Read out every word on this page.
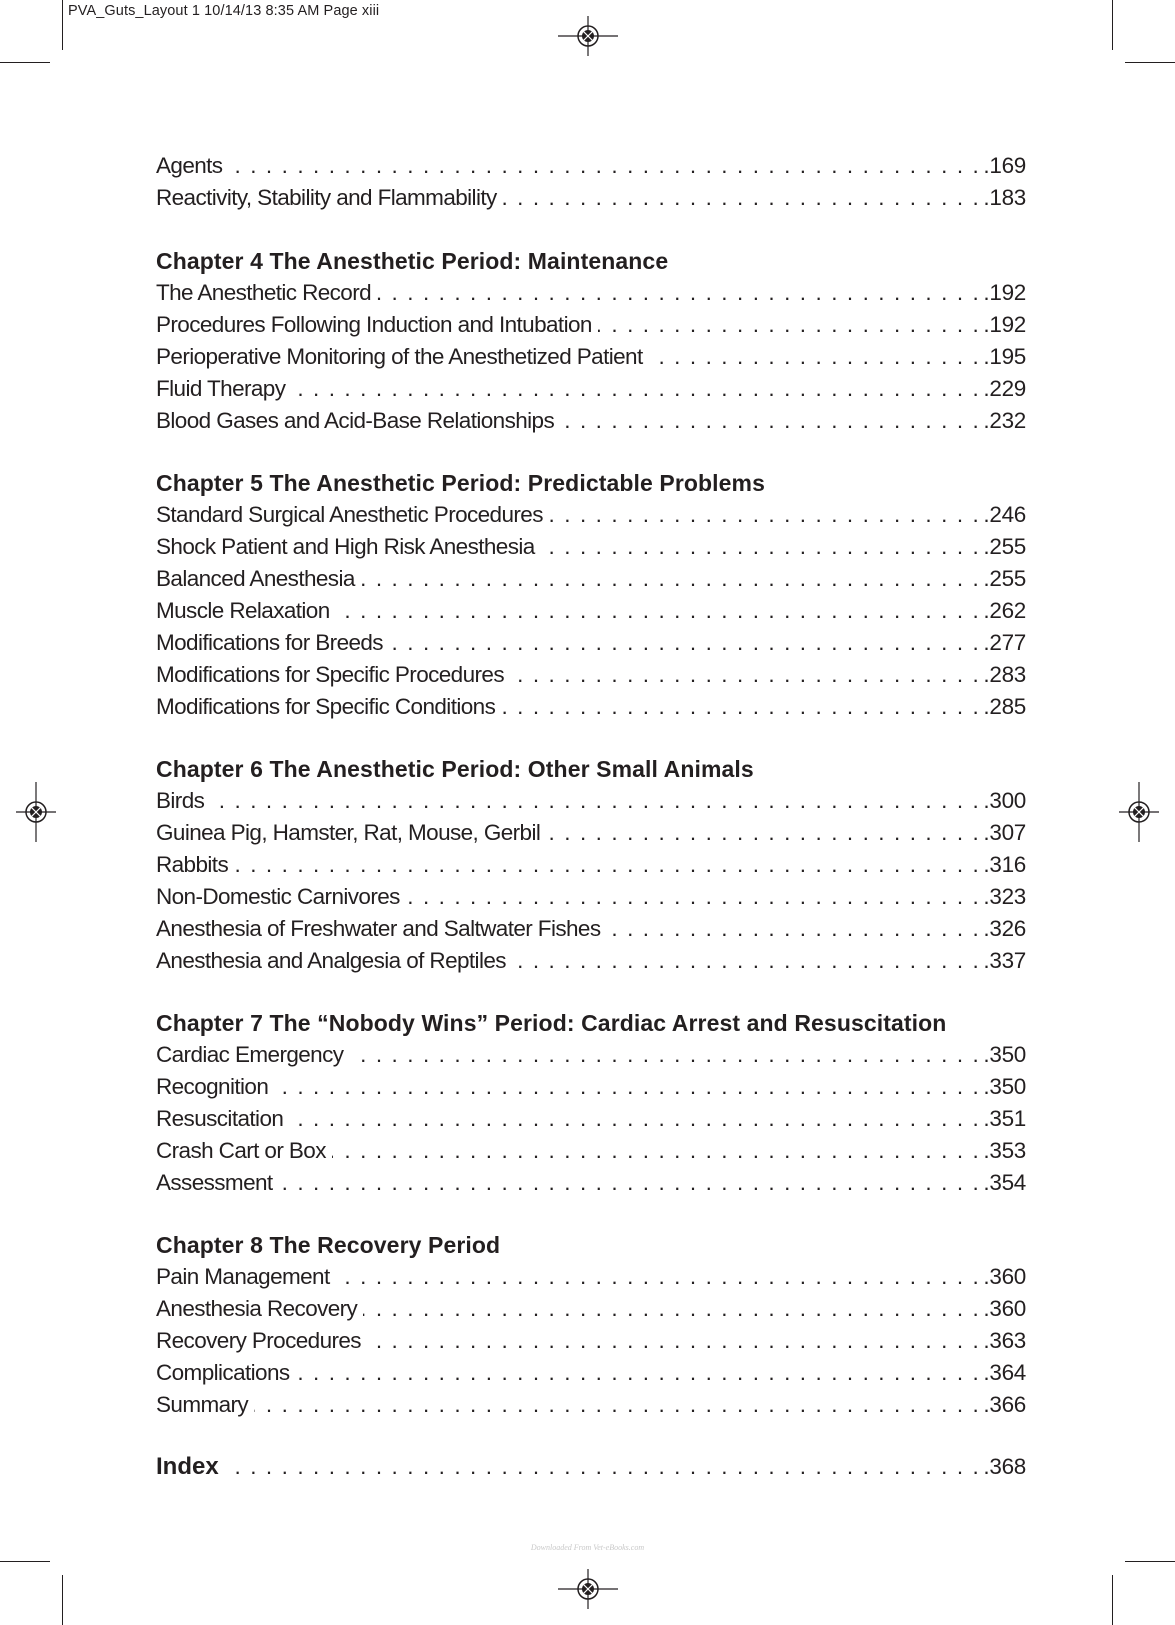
PVA_Guts_Layout 1 10/14/13 8:35 AM Page xiii
Agents	.169
. . .
Reactivity, Stability and Flammability	.183
. . .
Chapter 4 The Anesthetic Period: Maintenance
The Anesthetic Record	.192
. . .
Procedures Following Induction and Intubation	.192
. . .
Perioperative Monitoring of the Anesthetized Patient	.195
. . .
Fluid Therapy	.229
. . .
Blood Gases and Acid-Base Relationships	.232
. . .
Chapter 5 The Anesthetic Period: Predictable Problems
Standard Surgical Anesthetic Procedures	.246
. . .
Shock Patient and High Risk Anesthesia	.255
. . .
Balanced Anesthesia	.255
. . .
Muscle Relaxation	.262
. . .
Modifications for Breeds	.277
. . .
Modifications for Specific Procedures	.283
. . .
Modifications for Specific Conditions	.285
. . .
Chapter 6 The Anesthetic Period: Other Small Animals
Birds	.300
. . .
Guinea Pig, Hamster, Rat, Mouse, Gerbil	.307
. . .
Rabbits	.316
. . .
Non-Domestic Carnivores	.323
. . .
Anesthesia of Freshwater and Saltwater Fishes	.326
. . .
Anesthesia and Analgesia of Reptiles	.337
. . .
Chapter 7 The “Nobody Wins” Period: Cardiac Arrest and Resuscitation
Cardiac Emergency	.350
. . .
Recognition	.350
. . .
Resuscitation	.351
. . .
Crash Cart or Box	.353
. . .
Assessment	.354
. . .
Chapter 8 The Recovery Period
Pain Management	.360
. . .
Anesthesia Recovery	.360
. . .
Recovery Procedures	.363
. . .
Complications	.364
. . .
Summary	.366
. . .
Index	.368
. . .
Downloaded From Vet-eBooks.com
